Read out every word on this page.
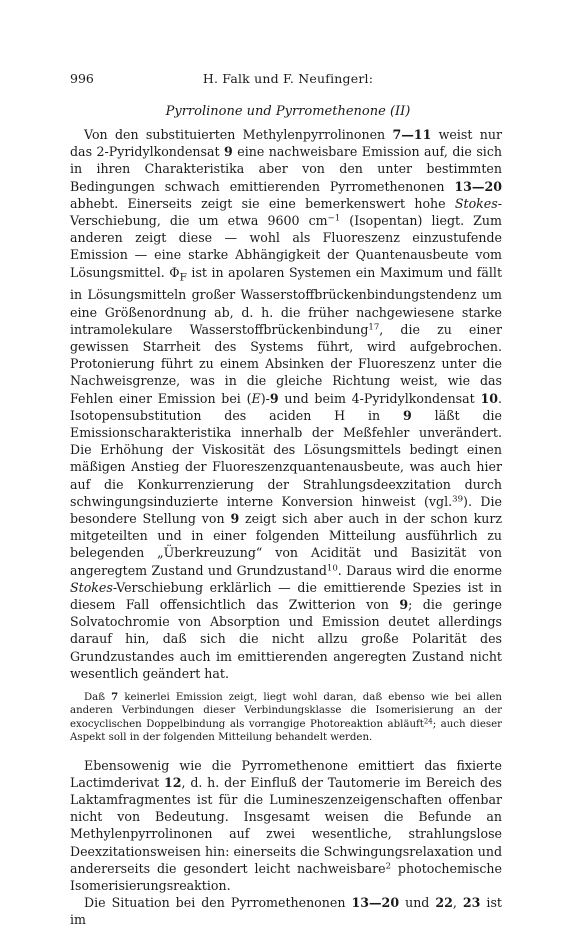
996	H. Falk und F. Neufingerl:
Pyrrolinone und Pyrromethenone (II)

Von den substituierten Methylenpyrrolinonen 7—11 weist nur das 2-Pyridylkondensat 9 eine nachweisbare Emission auf, die sich in ihren Charakteristika aber von den unter bestimmten Bedingungen schwach emittierenden Pyrromethenonen 13—20 abhebt. Einerseits zeigt sie eine bemerkenswert hohe Stokes-Verschiebung, die um etwa 9600 $cm^{-1}$ (Isopentan) liegt. Zum anderen zeigt diese — wohl als Fluoreszenz einzustufende Emission — eine starke Abhängigkeit der Quantenausbeute vom Lösungsmittel. $\Phi_F$ ist in apolaren Systemen ein Maximum und fällt in Lösungsmitteln großer Wasserstoffbrückenbindungstendenz um eine Größenordnung ab, d. h. die früher nachgewiesene starke intramolekulare Wasserstoffbrückenbindung$^{17}$, die zu einer gewissen Starrheit des Systems führt, wird aufgebrochen. Protonierung führt zu einem Absinken der Fluoreszenz unter die Nachweisgrenze, was in die gleiche Richtung weist, wie das Fehlen einer Emission bei (E)-9 und beim 4-Pyridylkondensat 10. Isotopensubstitution des aciden H in 9 läßt die Emissionscharakteristika innerhalb der Meßfehler unverändert. Die Erhöhung der Viskosität des Lösungsmittels bedingt einen mäßigen Anstieg der Fluoreszenzquantenausbeute, was auch hier auf die Konkurrenzierung der Strahlungsdeexzitation durch schwingungsinduzierte interne Konversion hinweist (vgl.$^{39}$). Die besondere Stellung von 9 zeigt sich aber auch in der schon kurz mitgeteilten und in einer folgenden Mitteilung ausführlich zu belegenden „Überkreuzung“ von Acidität und Basizität von angeregtem Zustand und Grundzustand$^{10}$. Daraus wird die enorme Stokes-Verschiebung erklärlich — die emittierende Spezies ist in diesem Fall offensichtlich das Zwitterion von 9; die geringe Solvatochromie von Absorption und Emission deutet allerdings darauf hin, daß sich die nicht allzu große Polarität des Grundzustandes auch im emittierenden angeregten Zustand nicht wesentlich geändert hat.

Daß 7 keinerlei Emission zeigt, liegt wohl daran, daß ebenso wie bei allen anderen Verbindungen dieser Verbindungsklasse die Isomerisierung an der exocyclischen Doppelbindung als vorrangige Photoreaktion abläuft$^{24}$; auch dieser Aspekt soll in der folgenden Mitteilung behandelt werden.

Ebensowenig wie die Pyrromethenone emittiert das fixierte Lactimderivat 12, d. h. der Einfluß der Tautomerie im Bereich des Laktamfragmentes ist für die Lumineszenzeigenschaften offenbar nicht von Bedeutung. Insgesamt weisen die Befunde an Methylenpyrrolinonen auf zwei wesentliche, strahlungslose Deexzitationsweisen hin: einerseits die Schwingungsrelaxation und andererseits die gesondert leicht nachweisbare$^2$ photochemische Isomerisierungsreaktion.

Die Situation bei den Pyrromethenonen 13—20 und 22, 23 ist im
